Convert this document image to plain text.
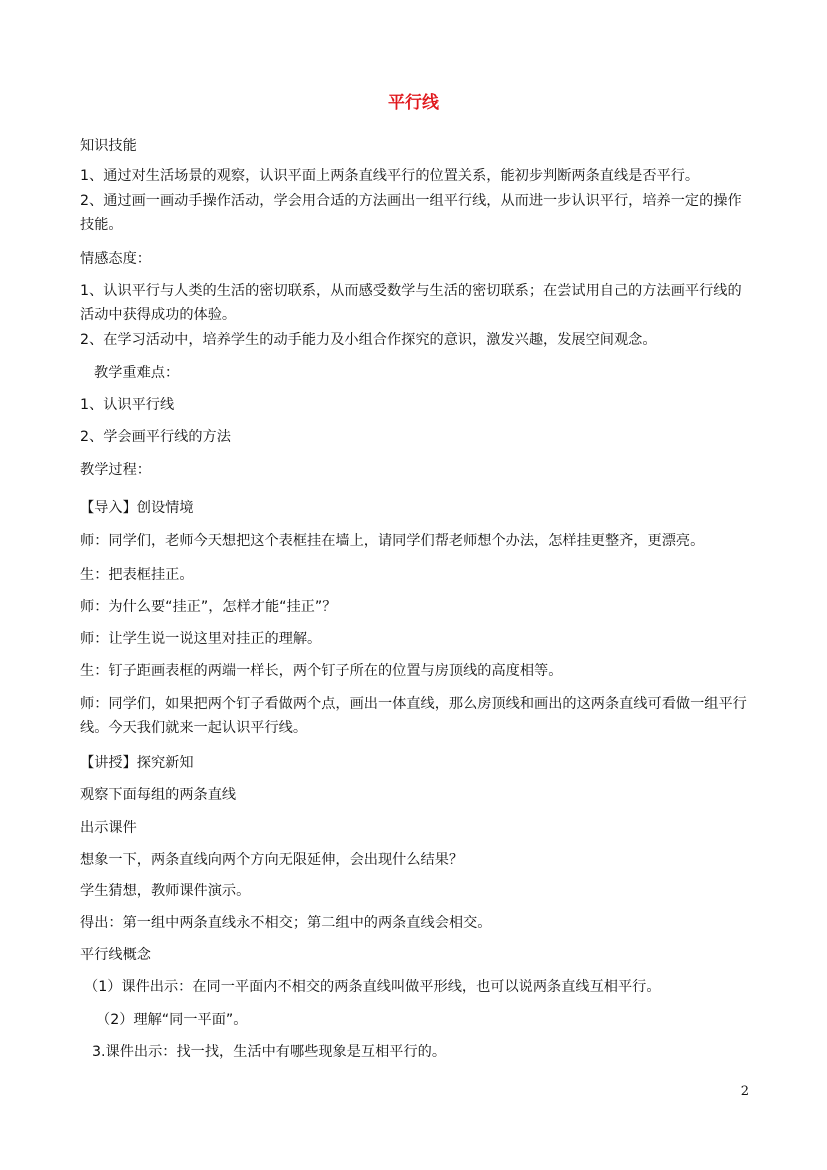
平行线
知识技能
1、通过对生活场景的观察，认识平面上两条直线平行的位置关系，能初步判断两条直线是否平行。
2、通过画一画动手操作活动，学会用合适的方法画出一组平行线，从而进一步认识平行，培养一定的操作技能。
情感态度：
1、认识平行与人类的生活的密切联系，从而感受数学与生活的密切联系；在尝试用自己的方法画平行线的活动中获得成功的体验。
2、在学习活动中，培养学生的动手能力及小组合作探究的意识，激发兴趣，发展空间观念。
教学重难点：
1、认识平行线
2、学会画平行线的方法
教学过程：
【导入】创设情境
师：同学们，老师今天想把这个表框挂在墙上，请同学们帮老师想个办法，怎样挂更整齐，更漂亮。
生：把表框挂正。
师：为什么要“挂正”，怎样才能“挂正”？
师：让学生说一说这里对挂正的理解。
生：钉子距画表框的两端一样长，两个钉子所在的位置与房顶线的高度相等。
师：同学们，如果把两个钉子看做两个点，画出一体直线，那么房顶线和画出的这两条直线可看做一组平行线。今天我们就来一起认识平行线。
【讲授】探究新知
观察下面每组的两条直线
出示课件
想象一下，两条直线向两个方向无限延伸，会出现什么结果？
学生猜想，教师课件演示。
得出：第一组中两条直线永不相交；第二组中的两条直线会相交。
平行线概念
（1）课件出示：在同一平面内不相交的两条直线叫做平形线，也可以说两条直线互相平行。
（2）理解“同一平面”。
3.课件出示：找一找，生活中有哪些现象是互相平行的。
2
